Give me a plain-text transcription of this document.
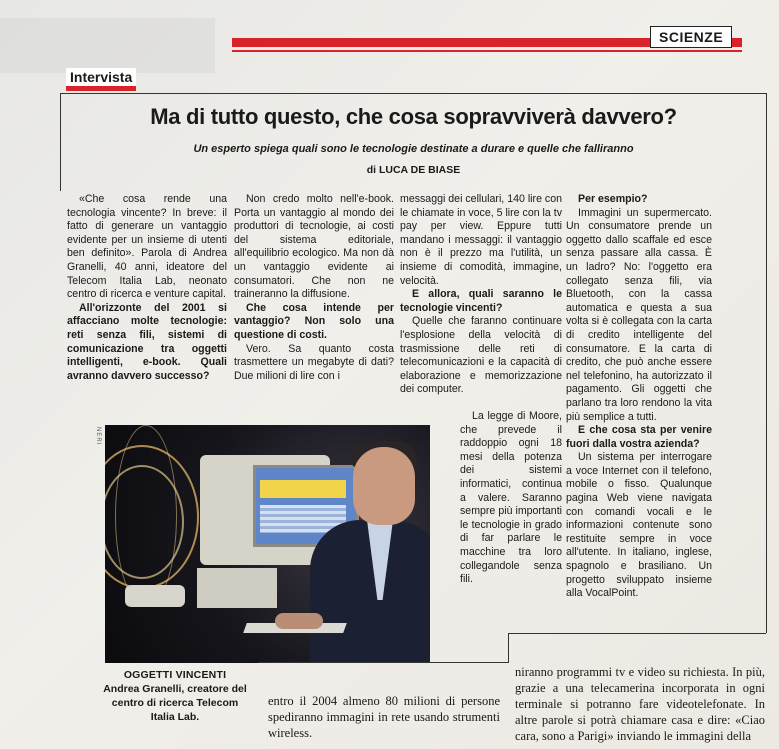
SCIENZE
Intervista
Ma di tutto questo, che cosa sopravviverà davvero?
Un esperto spiega quali sono le tecnologie destinate a durare e quelle che falliranno
di LUCA DE BIASE

«Che cosa rende una tecnologia vincente? In breve: il fatto di generare un vantaggio evidente per un insieme di utenti ben definito». Parola di Andrea Granelli, 40 anni, ideatore del Telecom Italia Lab, neonato centro di ricerca e venture capital.

All'orizzonte del 2001 si affacciano molte tecnologie: reti senza fili, sistemi di comunicazione tra oggetti intelligenti, e-book. Quali avranno davvero successo?

Non credo molto nell'e-book. Porta un vantaggio al mondo dei produttori di tecnologie, ai costi del sistema editoriale, all'equilibrio ecologico. Ma non dà un vantaggio evidente ai consumatori. Che non ne traineranno la diffusione.

Che cosa intende per vantaggio? Non solo una questione di costi.

Vero. Sa quanto costa trasmettere un megabyte di dati? Due milioni di lire con i

messaggi dei cellulari, 140 lire con le chiamate in voce, 5 lire con la tv pay per view. Eppure tutti mandano i messaggi: il vantaggio non è il prezzo ma l'utilità, un insieme di comodità, immagine, velocità.

E allora, quali saranno le tecnologie vincenti?

Quelle che faranno continuare l'esplosione della velocità di trasmissione delle reti di telecomunicazioni e la capacità di elaborazione e memorizzazione dei computer.

La legge di Moore, che prevede il raddoppio ogni 18 mesi della potenza dei sistemi informatici, continua a valere. Saranno sempre più importanti le tecnologie in grado di far parlare le macchine tra loro collegandole senza fili.

Per esempio?

Immagini un supermercato. Un consumatore prende un oggetto dallo scaffale ed esce senza passare alla cassa. È un ladro? No: l'oggetto era collegato senza fili, via Bluetooth, con la cassa automatica e questa a sua volta si è collegata con la carta di credito intelligente del consumatore. E la carta di credito, che può anche essere nel telefonino, ha autorizzato il pagamento. Gli oggetti che parlano tra loro rendono la vita più semplice a tutti.

E che cosa sta per venire fuori dalla vostra azienda?

Un sistema per interrogare a voce Internet con il telefono, mobile o fisso. Qualunque pagina Web viene navigata con comandi vocali e le informazioni contenute sono restituite sempre in voce all'utente. In italiano, inglese, spagnolo e brasiliano. Un progetto sviluppato insieme alla VocalPoint.

NERI
OGGETTI VINCENTI
Andrea Granelli, creatore del centro di ricerca Telecom Italia Lab.
entro il 2004 almeno 80 milioni di persone spediranno immagini in rete usando strumenti wireless.
niranno programmi tv e video su richiesta. In più, grazie a una telecamerina incorporata in ogni terminale si potranno fare videotelefonate. In altre parole si potrà chiamare casa e dire: «Ciao cara, sono a Parigi» inviando le immagini della
